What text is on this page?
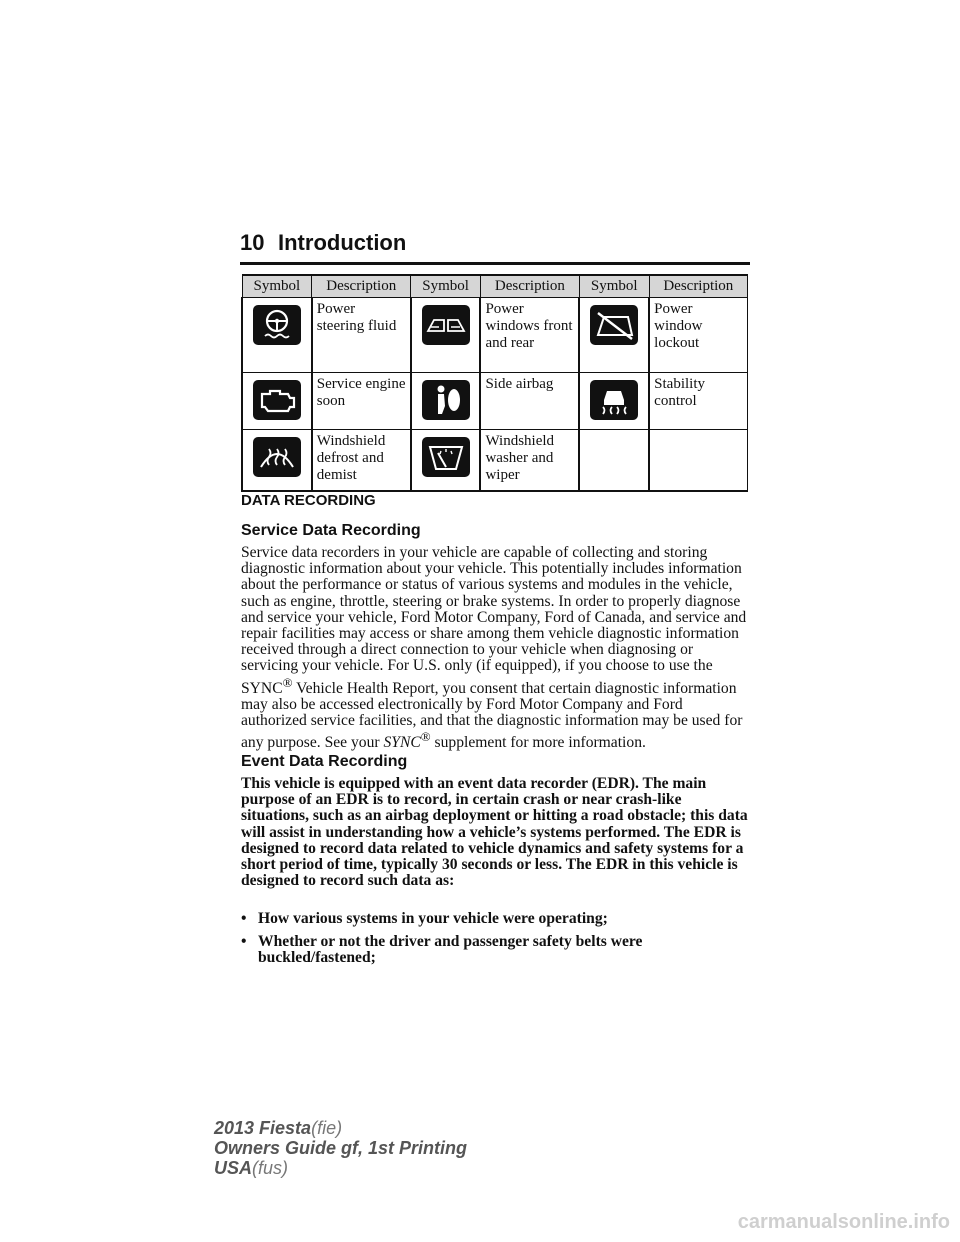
10 Introduction
Symbol	Description	Symbol	Description	Symbol	Description

	Power steering fluid		Power windows front and rear		Power window lockout

	Service engine soon		Side airbag		Stability control

	Windshield defrost and demist		Windshield washer and wiper		
DATA RECORDING
Service Data Recording
Service data recorders in your vehicle are capable of collecting and storing diagnostic information about your vehicle. This potentially includes information about the performance or status of various systems and modules in the vehicle, such as engine, throttle, steering or brake systems. In order to properly diagnose and service your vehicle, Ford Motor Company, Ford of Canada, and service and repair facilities may access or share among them vehicle diagnostic information received through a direct connection to your vehicle when diagnosing or servicing your vehicle. For U.S. only (if equipped), if you choose to use the SYNC® Vehicle Health Report, you consent that certain diagnostic information may also be accessed electronically by Ford Motor Company and Ford authorized service facilities, and that the diagnostic information may be used for any purpose. See your SYNC® supplement for more information.
Event Data Recording
This vehicle is equipped with an event data recorder (EDR). The main purpose of an EDR is to record, in certain crash or near crash-like situations, such as an airbag deployment or hitting a road obstacle; this data will assist in understanding how a vehicle’s systems performed. The EDR is designed to record data related to vehicle dynamics and safety systems for a short period of time, typically 30 seconds or less. The EDR in this vehicle is designed to record such data as:
• How various systems in your vehicle were operating;
• Whether or not the driver and passenger safety belts were buckled/fastened;
2013 Fiesta(fie)
Owners Guide gf, 1st Printing
USA(fus)
carmanualsonline.info
